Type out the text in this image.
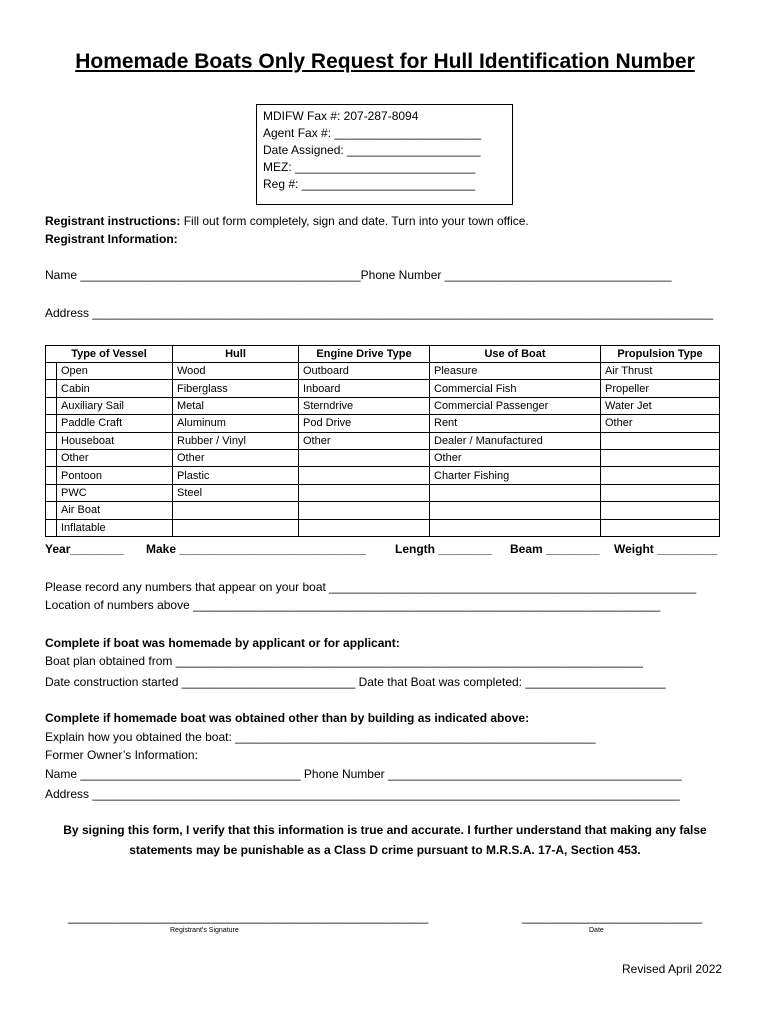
Homemade Boats Only Request for Hull Identification Number
MDIFW Fax #: 207-287-8094
Agent Fax #: ______________________
Date Assigned: ____________________
MEZ: ___________________________
Reg #: __________________________
Registrant instructions: Fill out form completely, sign and date. Turn into your town office.
Registrant Information:
Name __________________________________________Phone Number __________________________________
Address _____________________________________________________________________________________________
Type of Vessel		Hull	Engine Drive Type	Use of Boat	Propulsion Type
	Open	Wood	Outboard	Pleasure	Air Thrust
	Cabin	Fiberglass	Inboard	Commercial Fish	Propeller
	Auxiliary Sail	Metal	Sterndrive	Commercial Passenger	Water Jet
	Paddle Craft	Aluminum	Pod Drive	Rent	Other
	Houseboat	Rubber / Vinyl	Other	Dealer / Manufactured	
	Other	Other		Other	
	Pontoon	Plastic		Charter Fishing	
	PWC	Steel			
	Air Boat				
	Inflatable				
Year________ Make ____________________________ Length ________ Beam ________ Weight _________
Please record any numbers that appear on your boat _______________________________________________________
Location of numbers above ______________________________________________________________________
Complete if boat was homemade by applicant or for applicant:
Boat plan obtained from ______________________________________________________________________
Date construction started __________________________ Date that Boat was completed: _____________________
Complete if homemade boat was obtained other than by building as indicated above:
Explain how you obtained the boat: ______________________________________________________
Former Owner’s Information:
Name _________________________________ Phone Number ____________________________________________
Address ________________________________________________________________________________________
By signing this form, I verify that this information is true and accurate. I further understand that making any false
statements may be punishable as a Class D crime pursuant to M.R.S.A. 17-A, Section 453.
______________________________________________________
Registrant’s Signature
___________________________
Date
Revised April 2022
